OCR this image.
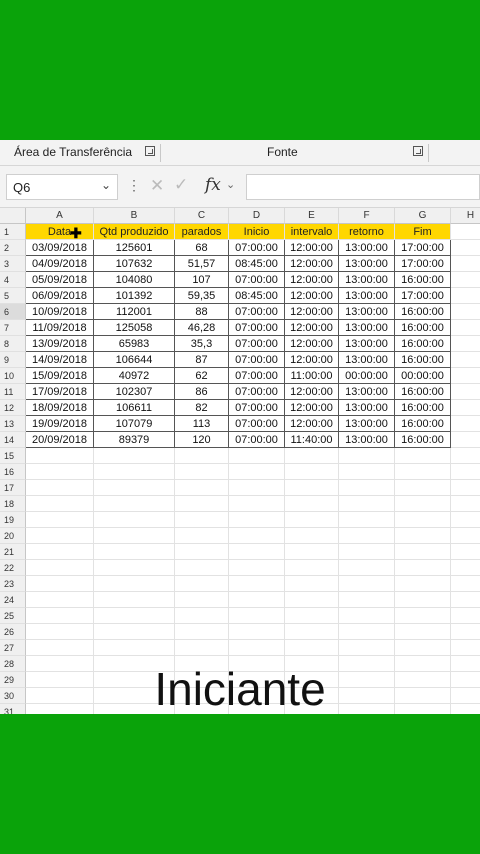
Área de Transferência	Fonte
Q6	⌄ ⋮ ✕ ✓ fx ⌄
A	B	C	D	E	F	G	H
1	Data	Qtd produzido	parados	Inicio	intervalo	retorno	Fim
2	03/09/2018	125601	68	07:00:00	12:00:00	13:00:00	17:00:00
3	04/09/2018	107632	51,57	08:45:00	12:00:00	13:00:00	17:00:00
4	05/09/2018	104080	107	07:00:00	12:00:00	13:00:00	16:00:00
5	06/09/2018	101392	59,35	08:45:00	12:00:00	13:00:00	17:00:00
6	10/09/2018	112001	88	07:00:00	12:00:00	13:00:00	16:00:00
7	11/09/2018	125058	46,28	07:00:00	12:00:00	13:00:00	16:00:00
8	13/09/2018	65983	35,3	07:00:00	12:00:00	13:00:00	16:00:00
9	14/09/2018	106644	87	07:00:00	12:00:00	13:00:00	16:00:00
10	15/09/2018	40972	62	07:00:00	11:00:00	00:00:00	00:00:00
11	17/09/2018	102307	86	07:00:00	12:00:00	13:00:00	16:00:00
12	18/09/2018	106611	82	07:00:00	12:00:00	13:00:00	16:00:00
13	19/09/2018	107079	113	07:00:00	12:00:00	13:00:00	16:00:00
14	20/09/2018	89379	120	07:00:00	11:40:00	13:00:00	16:00:00
15
16
17
18
19
20
21
22
23
24
25
26
27
28
29
30
31
✚
Iniciante
